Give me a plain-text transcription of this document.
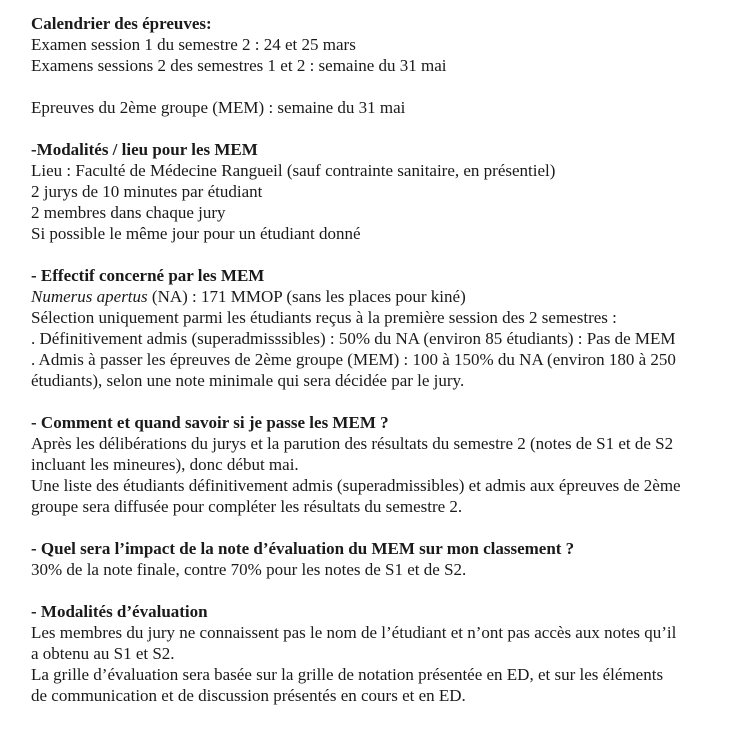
Calendrier des épreuves:
Examen session 1 du semestre 2 : 24 et 25 mars
Examens sessions 2 des semestres 1 et 2 : semaine du 31 mai
Epreuves du 2ème groupe (MEM) : semaine du 31 mai
-Modalités / lieu pour les MEM
Lieu : Faculté de Médecine Rangueil (sauf contrainte sanitaire, en présentiel)
2 jurys de 10 minutes par étudiant
2 membres dans chaque jury
Si possible le même jour pour un étudiant donné
- Effectif concerné par les MEM
Numerus apertus (NA) : 171 MMOP (sans les places pour kiné)
Sélection uniquement parmi les étudiants reçus à la première session des 2 semestres :
. Définitivement admis (superadmisssibles) : 50% du NA (environ 85 étudiants) : Pas de MEM
. Admis à passer les épreuves de 2ème groupe (MEM) : 100 à 150% du NA (environ 180 à 250
étudiants), selon une note minimale qui sera décidée par le jury.
- Comment et quand savoir si je passe les MEM ?
Après les délibérations du jurys et la parution des résultats du semestre 2 (notes de S1 et de S2
incluant les mineures), donc début mai.
Une liste des étudiants définitivement admis (superadmissibles) et admis aux épreuves de 2ème
groupe sera diffusée pour compléter les résultats du semestre 2.
- Quel sera l’impact de la note d’évaluation du MEM sur mon classement ?
30% de la note finale, contre 70% pour les notes de S1 et de S2.
- Modalités d’évaluation
Les membres du jury ne connaissent pas le nom de l’étudiant et n’ont pas accès aux notes qu’il
a obtenu au S1 et S2.
La grille d’évaluation sera basée sur la grille de notation présentée en ED, et sur les éléments
de communication et de discussion présentés en cours et en ED.
